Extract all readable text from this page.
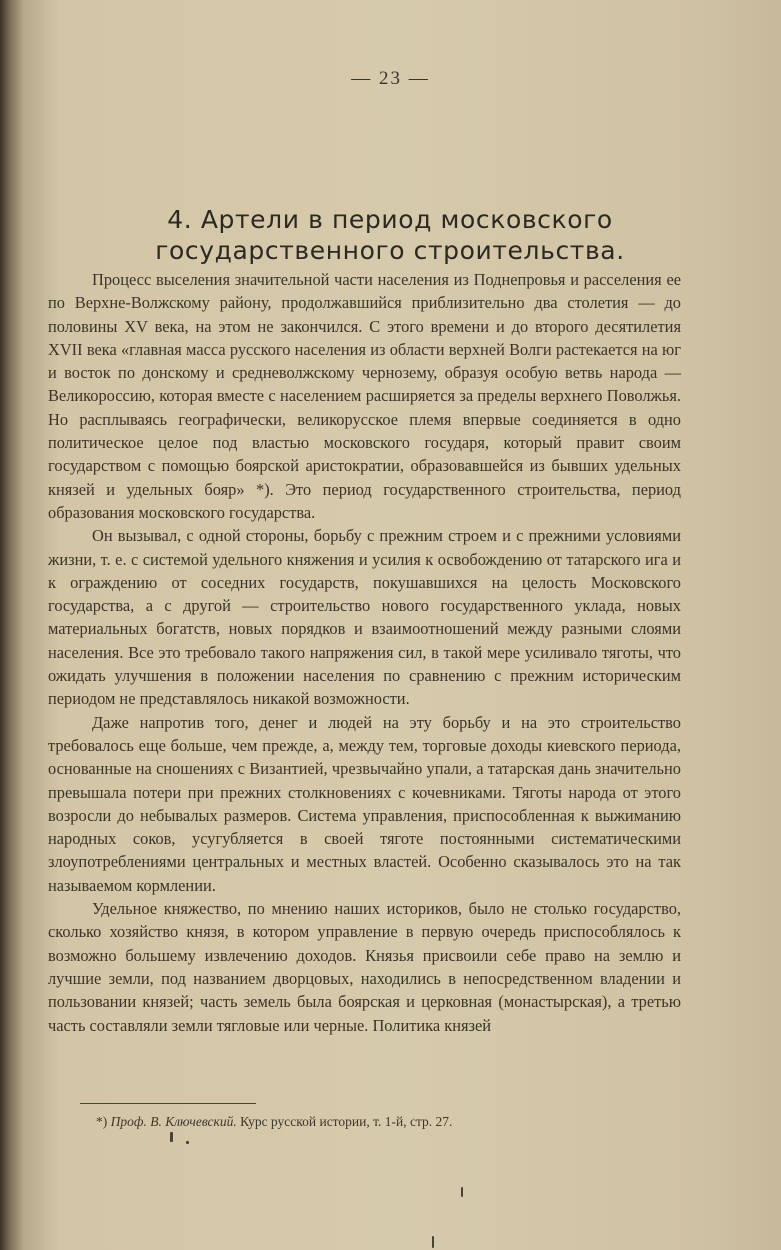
— 23 —
4. Артели в период московского государственного строительства.

Процесс выселения значительной части населения из Поднепровья и расселения ее по Верхне-Волжскому району, продолжавшийся приблизительно два столетия — до половины XV века, на этом не закончился. С этого времени и до второго десятилетия XVII века «главная масса русского населения из области верхней Волги растекается на юг и восток по донскому и средневолжскому чернозему, образуя особую ветвь народа — Великороссию, которая вместе с населением расширяется за пределы верхнего Поволжья. Но расплываясь географически, великорусское племя впервые соединяется в одно политическое целое под властью московского государя, который правит своим государством с помощью боярской аристократии, образовавшейся из бывших удельных князей и удельных бояр» *). Это период государственного строительства, период образования московского государства.

Он вызывал, с одной стороны, борьбу с прежним строем и с прежними условиями жизни, т. е. с системой удельного княжения и усилия к освобождению от татарского ига и к ограждению от соседних государств, покушавшихся на целость Московского государства, а с другой — строительство нового государственного уклада, новых материальных богатств, новых порядков и взаимоотношений между разными слоями населения. Все это требовало такого напряжения сил, в такой мере усиливало тяготы, что ожидать улучшения в положении населения по сравнению с прежним историческим периодом не представлялось никакой возможности.

Даже напротив того, денег и людей на эту борьбу и на это строительство требовалось еще больше, чем прежде, а, между тем, торговые доходы киевского периода, основанные на сношениях с Византией, чрезвычайно упали, а татарская дань значительно превышала потери при прежних столкновениях с кочевниками. Тяготы народа от этого возросли до небывалых размеров. Система управления, приспособленная к выжиманию народных соков, усугубляется в своей тяготе постоянными систематическими злоупотреблениями центральных и местных властей. Особенно сказывалось это на так называемом кормлении.

Удельное княжество, по мнению наших историков, было не столько государство, сколько хозяйство князя, в котором управление в первую очередь приспособлялось к возможно большему извлечению доходов. Князья присвоили себе право на землю и лучшие земли, под названием дворцовых, находились в непосредственном владении и пользовании князей; часть земель была боярская и церковная (монастырская), а третью часть составляли земли тягловые или черные. Политика князей

*) Проф. В. Ключевский. Курс русской истории, т. 1-й, стр. 27.
